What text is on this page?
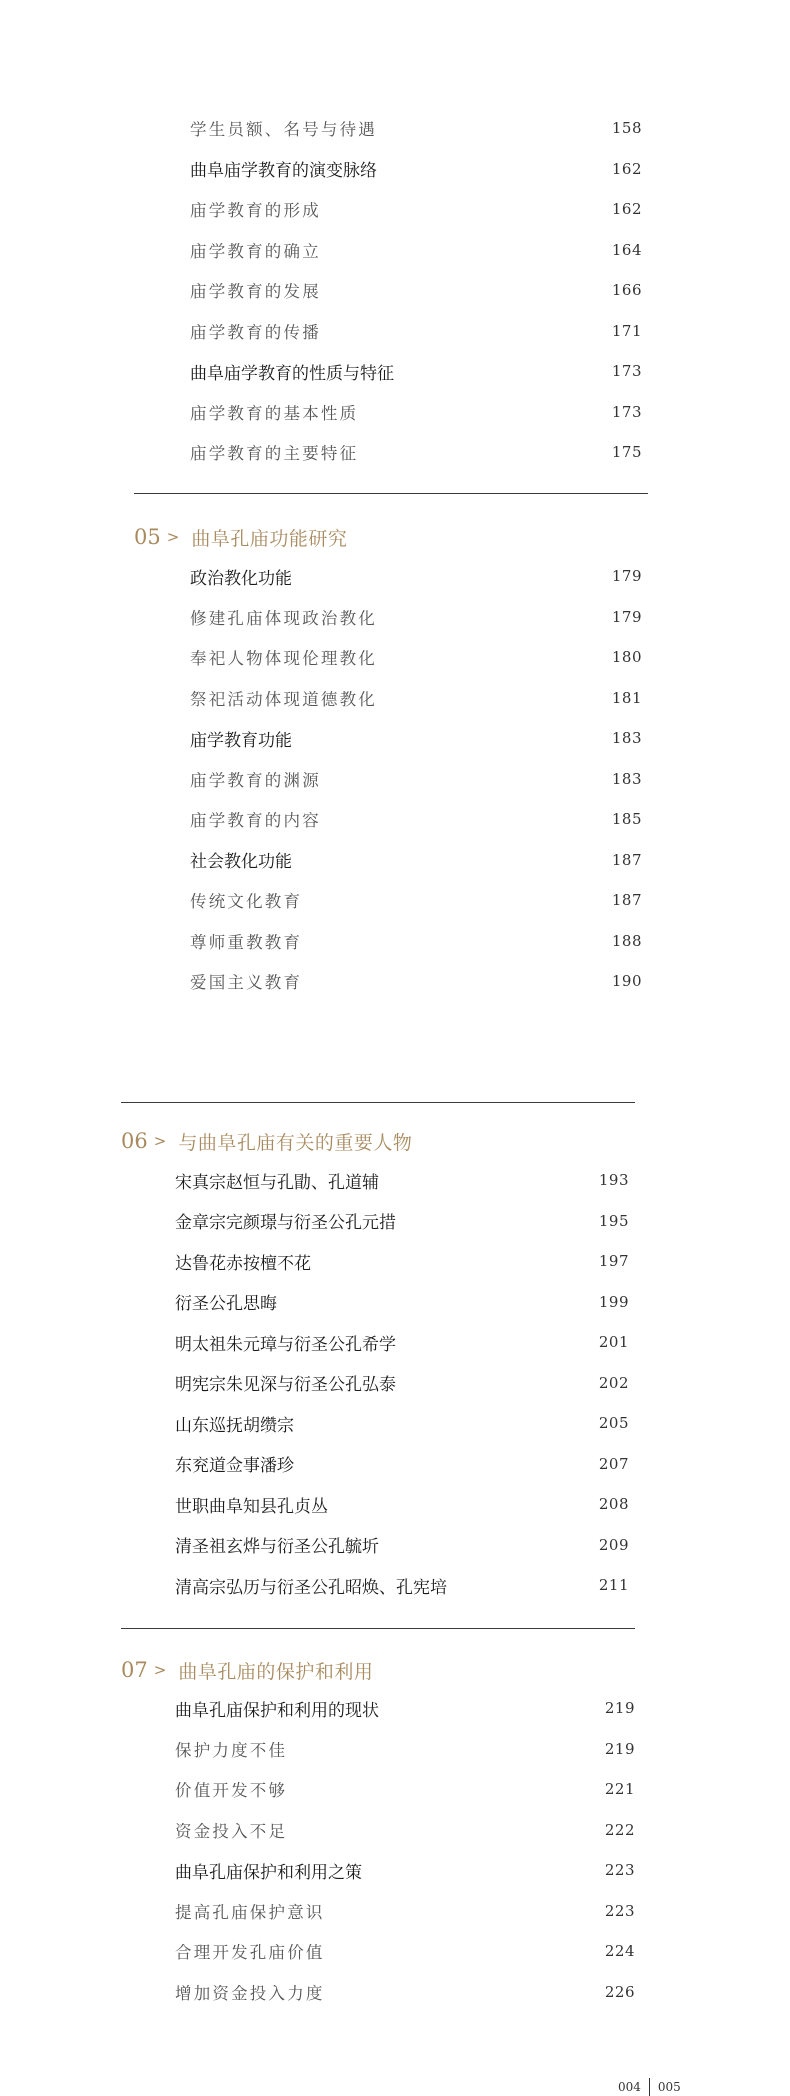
学生员额、名号与待遇	158
曲阜庙学教育的演变脉络	162
庙学教育的形成	162
庙学教育的确立	164
庙学教育的发展	166
庙学教育的传播	171
曲阜庙学教育的性质与特征	173
庙学教育的基本性质	173
庙学教育的主要特征	175
05 > 曲阜孔庙功能研究
政治教化功能	179
修建孔庙体现政治教化	179
奉祀人物体现伦理教化	180
祭祀活动体现道德教化	181
庙学教育功能	183
庙学教育的渊源	183
庙学教育的内容	185
社会教化功能	187
传统文化教育	187
尊师重教教育	188
爱国主义教育	190
06 > 与曲阜孔庙有关的重要人物
宋真宗赵恒与孔勖、孔道辅	193
金章宗完颜璟与衍圣公孔元措	195
达鲁花赤按檀不花	197
衍圣公孔思晦	199
明太祖朱元璋与衍圣公孔希学	201
明宪宗朱见深与衍圣公孔弘泰	202
山东巡抚胡缵宗	205
东兖道佥事潘珍	207
世职曲阜知县孔贞丛	208
清圣祖玄烨与衍圣公孔毓圻	209
清高宗弘历与衍圣公孔昭焕、孔宪培	211
07 > 曲阜孔庙的保护和利用
曲阜孔庙保护和利用的现状	219
保护力度不佳	219
价值开发不够	221
资金投入不足	222
曲阜孔庙保护和利用之策	223
提高孔庙保护意识	223
合理开发孔庙价值	224
增加资金投入力度	226
004 005
